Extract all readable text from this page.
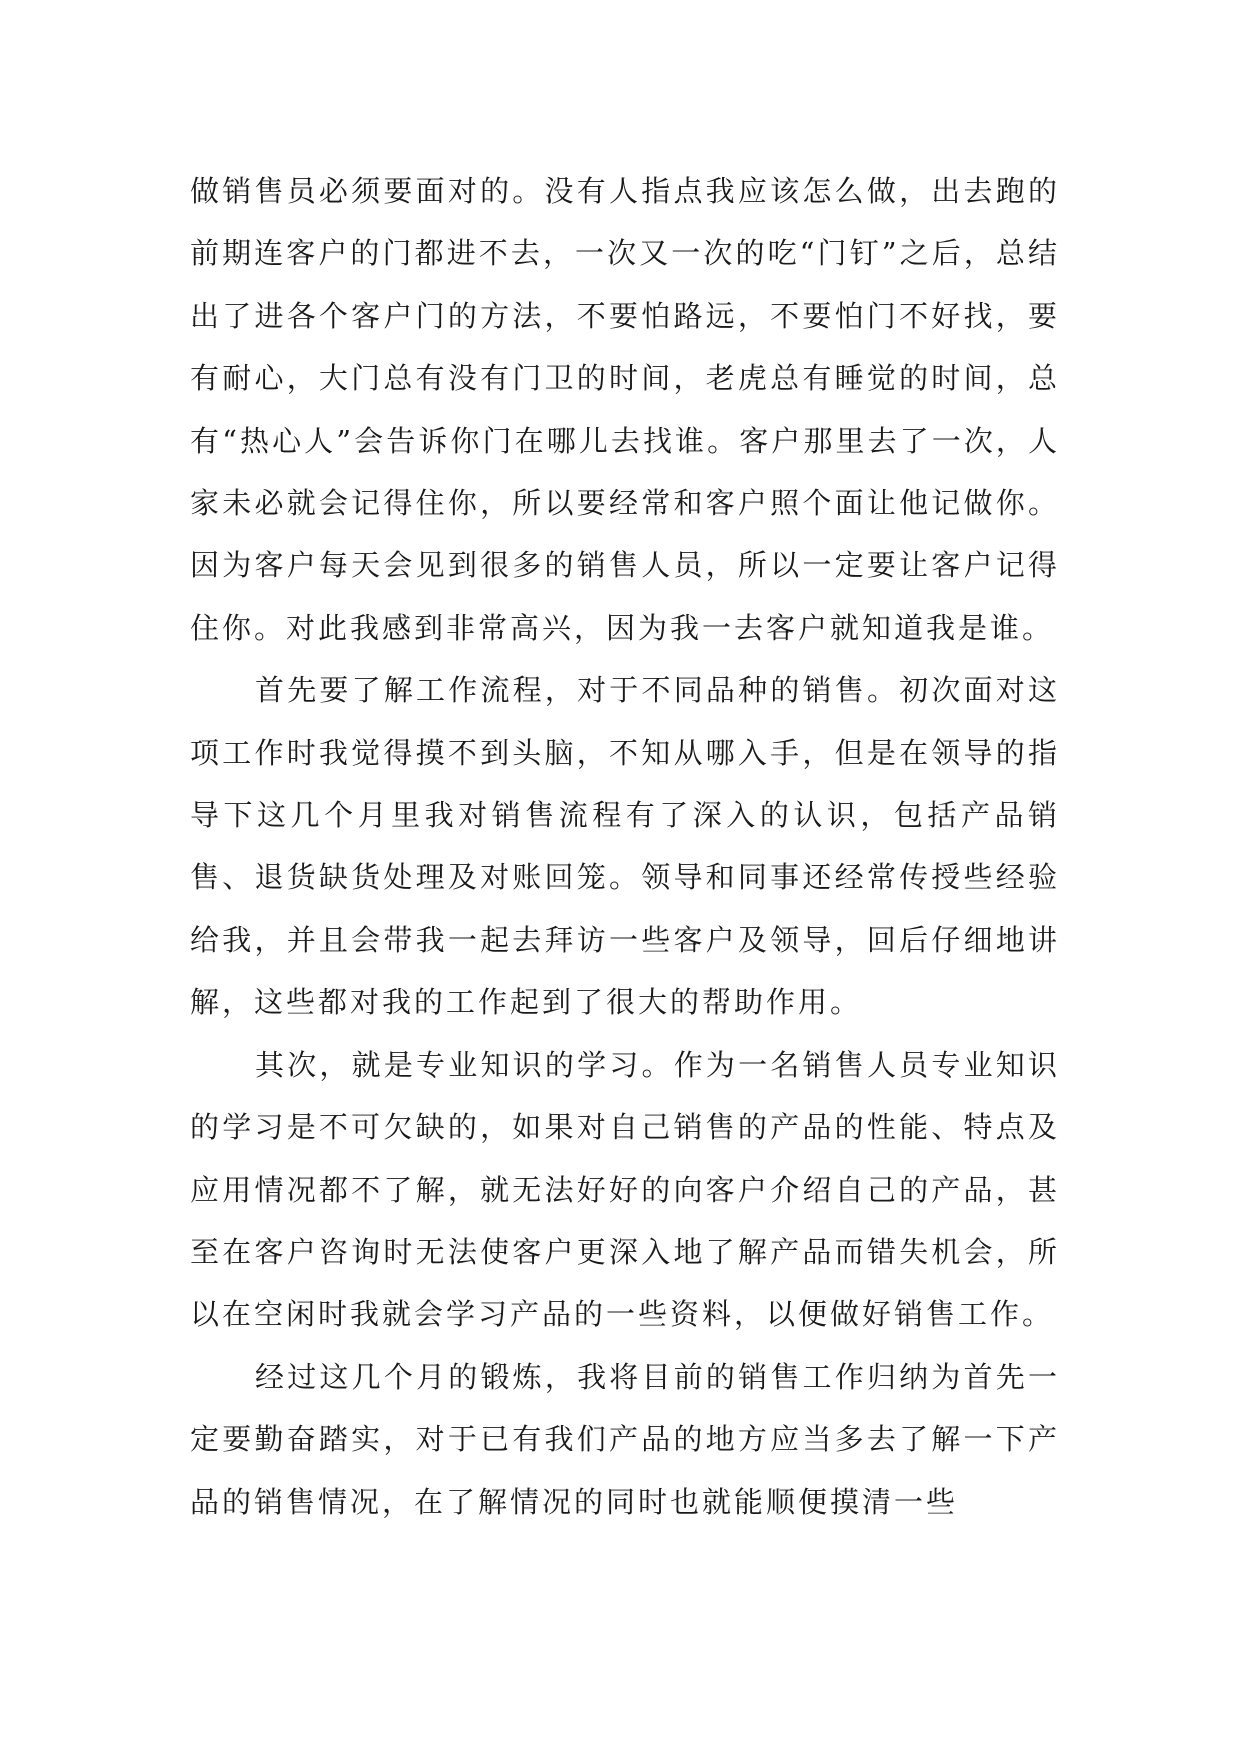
做销售员必须要面对的。没有人指点我应该怎么做，出去跑的前期连客户的门都进不去，一次又一次的吃“门钉”之后，总结出了进各个客户门的方法，不要怕路远，不要怕门不好找，要有耐心，大门总有没有门卫的时间，老虎总有睡觉的时间，总有“热心人”会告诉你门在哪儿去找谁。客户那里去了一次，人家未必就会记得住你，所以要经常和客户照个面让他记做你。因为客户每天会见到很多的销售人员，所以一定要让客户记得住你。对此我感到非常高兴，因为我一去客户就知道我是谁。

首先要了解工作流程，对于不同品种的销售。初次面对这项工作时我觉得摸不到头脑，不知从哪入手，但是在领导的指导下这几个月里我对销售流程有了深入的认识，包括产品销售、退货缺货处理及对账回笼。领导和同事还经常传授些经验给我，并且会带我一起去拜访一些客户及领导，回后仔细地讲解，这些都对我的工作起到了很大的帮助作用。

其次，就是专业知识的学习。作为一名销售人员专业知识的学习是不可欠缺的，如果对自己销售的产品的性能、特点及应用情况都不了解，就无法好好的向客户介绍自己的产品，甚至在客户咨询时无法使客户更深入地了解产品而错失机会，所以在空闲时我就会学习产品的一些资料，以便做好销售工作。

经过这几个月的锻炼，我将目前的销售工作归纳为首先一定要勤奋踏实，对于已有我们产品的地方应当多去了解一下产品的销售情况，在了解情况的同时也就能顺便摸清一些
